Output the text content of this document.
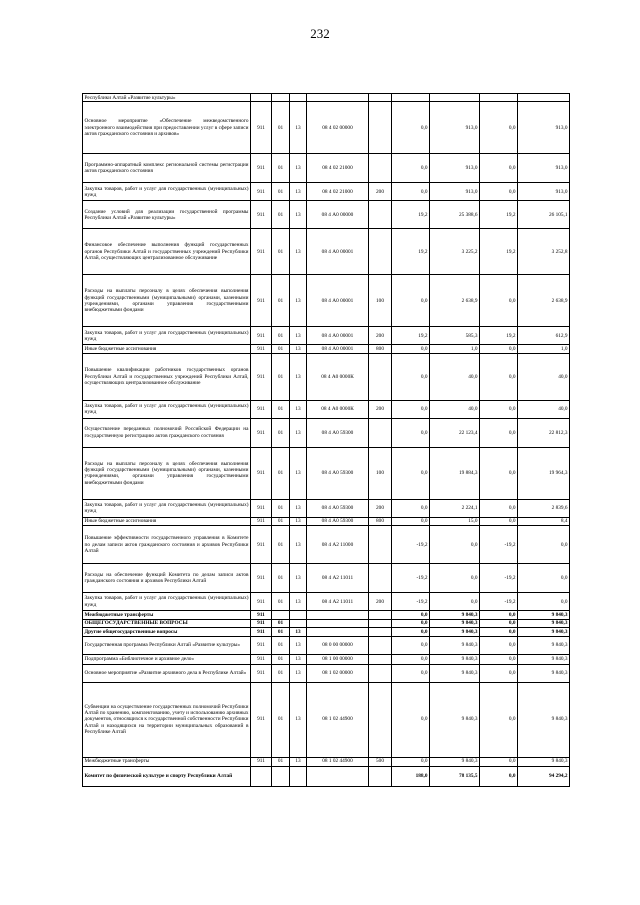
232
Республики Алтай «Развитие культуры»									
Основное мероприятие «Обеспечение межведомственного электронного взаимодействия при предоставлении услуг в сфере записи актов гражданского состояния и архивов»	911	01	13	08 4 02 00000		0,0	913,0	0,0	913,0
Программно-аппаратный комплекс региональной системы регистрации актов гражданского состояния	911	01	13	08 4 02 21000		0,0	913,0	0,0	913,0
Закупка товаров, работ и услуг для государственных (муниципальных) нужд	911	01	13	08 4 02 21000	200	0,0	913,0	0,0	913,0
Создание условий для реализации государственной программы Республики Алтай «Развитие культуры»	911	01	13	08 4 А0 00000		19,2	25 388,6	19,2	26 105,1
Финансовое обеспечение выполнения функций государственных органов Республики Алтай и государственных учреждений Республики Алтай, осуществляющих централизованное обслуживание	911	01	13	08 4 А0 00001		19,2	3 225,2	19,2	3 252,8
Расходы на выплаты персоналу в целях обеспечения выполнения функций государственными (муниципальными) органами, казенными учреждениями, органами управления государственными внебюджетными фондами	911	01	13	08 4 А0 00001	100	0,0	2 638,9	0,0	2 638,9
Закупка товаров, работ и услуг для государственных (муниципальных) нужд	911	01	13	08 4 А0 00001	200	19,2	585,3	19,2	612,9
Иные бюджетные ассигнования	911	01	13	08 4 А0 00001	800	0,0	1,0	0,0	1,0
Повышение квалификации работников государственных органов Республики Алтай и государственных учреждений Республики Алтай, осуществляющих централизованное обслуживание	911	01	13	08 4 А0 0000К		0,0	40,0	0,0	40,0
Закупка товаров, работ и услуг для государственных (муниципальных) нужд	911	01	13	08 4 А0 0000К	200	0,0	40,0	0,0	40,0
Осуществление переданных полномочий Российской Федерации на государственную регистрацию актов гражданского состояния	911	01	13	08 4 А0 59300		0,0	22 123,4	0,0	22 812,3
Расходы на выплаты персоналу в целях обеспечения выполнения функций государственными (муниципальными) органами, казенными учреждениями, органами управления государственными внебюджетными фондами	911	01	13	08 4 А0 59300	100	0,0	19 884,3	0,0	19 964,3
Закупка товаров, работ и услуг для государственных (муниципальных) нужд	911	01	13	08 4 А0 59300	200	0,0	2 224,1	0,0	2 839,6
Иные бюджетные ассигнования	911	01	13	08 4 А0 59300	800	0,0	15,0	0,0	8,4
Повышение эффективности государственного управления в Комитете по делам записи актов гражданского состояния и архивов Республики Алтай	911	01	13	08 4 А2 11000		-19,2	0,0	-19,2	0,0
Расходы на обеспечение функций Комитета по делам записи актов гражданского состояния и архивов Республики Алтай	911	01	13	08 4 А2 11011		-19,2	0,0	-19,2	0,0
Закупка товаров, работ и услуг для государственных (муниципальных) нужд	911	01	13	08 4 А2 11011	200	-19,2	0,0	-19,2	0,0
Межбюджетные трансферты	911					0,0	9 840,3	0,0	9 840,3
ОБЩЕГОСУДАРСТВЕННЫЕ ВОПРОСЫ	911	01				0,0	9 840,3	0,0	9 840,3
Другие общегосударственные вопросы	911	01	13			0,0	9 840,3	0,0	9 840,3
Государственная программа Республики Алтай «Развитие культуры»	911	01	13	08 0 00 00000		0,0	9 840,3	0,0	9 840,3
Подпрограмма «Библиотечное и архивное дело»	911	01	13	08 1 00 00000		0,0	9 840,3	0,0	9 840,3
Основное мероприятие «Развитие архивного дела в Республике Алтай»	911	01	13	08 1 02 00000		0,0	9 840,3	0,0	9 840,3
Субвенции на осуществление государственных полномочий Республики Алтай по хранению, комплектованию, учету и использованию архивных документов, относящихся к государственной собственности Республики Алтай и находящихся на территории муниципальных образований в Республике Алтай	911	01	13	08 1 02 44900		0,0	9 840,3	0,0	9 840,3
Межбюджетные трансферты	911	01	13	08 1 02 44900	500	0,0	9 840,3	0,0	9 840,3
Комитет по физической культуре и спорту Республики Алтай						188,0	78 135,5	0,0	94 294,2
